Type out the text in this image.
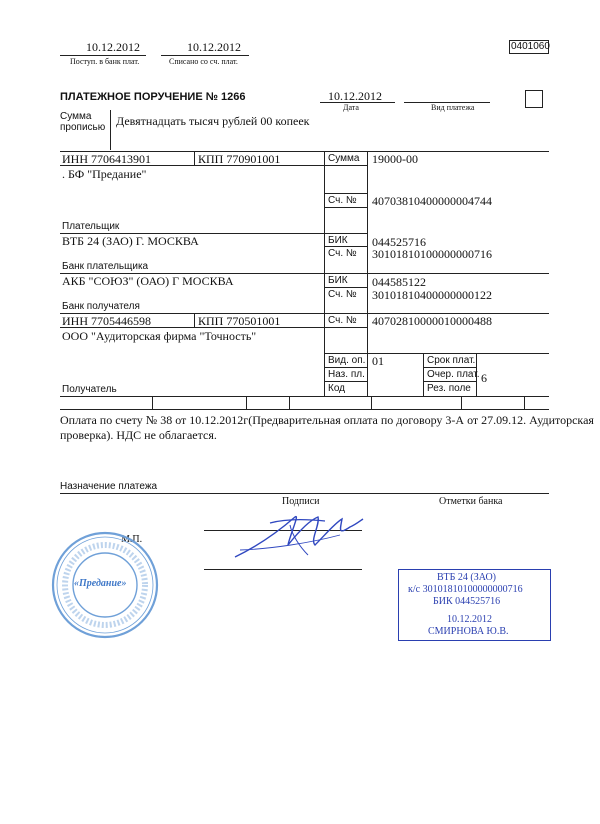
10.12.2012
Поступ. в банк плат.
10.12.2012
Списано со сч. плат.
0401060
ПЛАТЕЖНОЕ ПОРУЧЕНИЕ № 1266	10.12.2012
Дата	Вид платежа
Сумма
прописью Девятнадцать тысяч рублей 00 копеек
ИНН 7706413901	КПП 770901001
. БФ "Предание"
Плательщик
ВТБ 24 (ЗАО) Г. МОСКВА
Банк плательщика
АКБ "СОЮЗ" (ОАО) Г МОСКВА
Банк получателя
ИНН 7705446598	КПП 770501001
ООО "Аудиторская фирма "Точность"
Получатель
Сумма 19000-00
Сч. № 40703810400000004744
БИК 044525716
Сч. № 30101810100000000716
БИК 044585122
Сч. № 30101810400000000122
Сч. № 40702810000010000488
Вид. оп. 01	Срок плат.
Наз. пл.	Очер. плат. 6
Код	Рез. поле
Оплата по счету № 38 от 10.12.2012г(Предварительная оплата по договору 3-А от 27.09.12. Аудиторская
проверка). НДС не облагается.
Назначение платежа
Подписи	Отметки банка
М.П.
«Предание»
ВТБ 24 (ЗАО)
к/с 30101810100000000716
БИК 044525716
10.12.2012
СМИРНОВА Ю.В.
